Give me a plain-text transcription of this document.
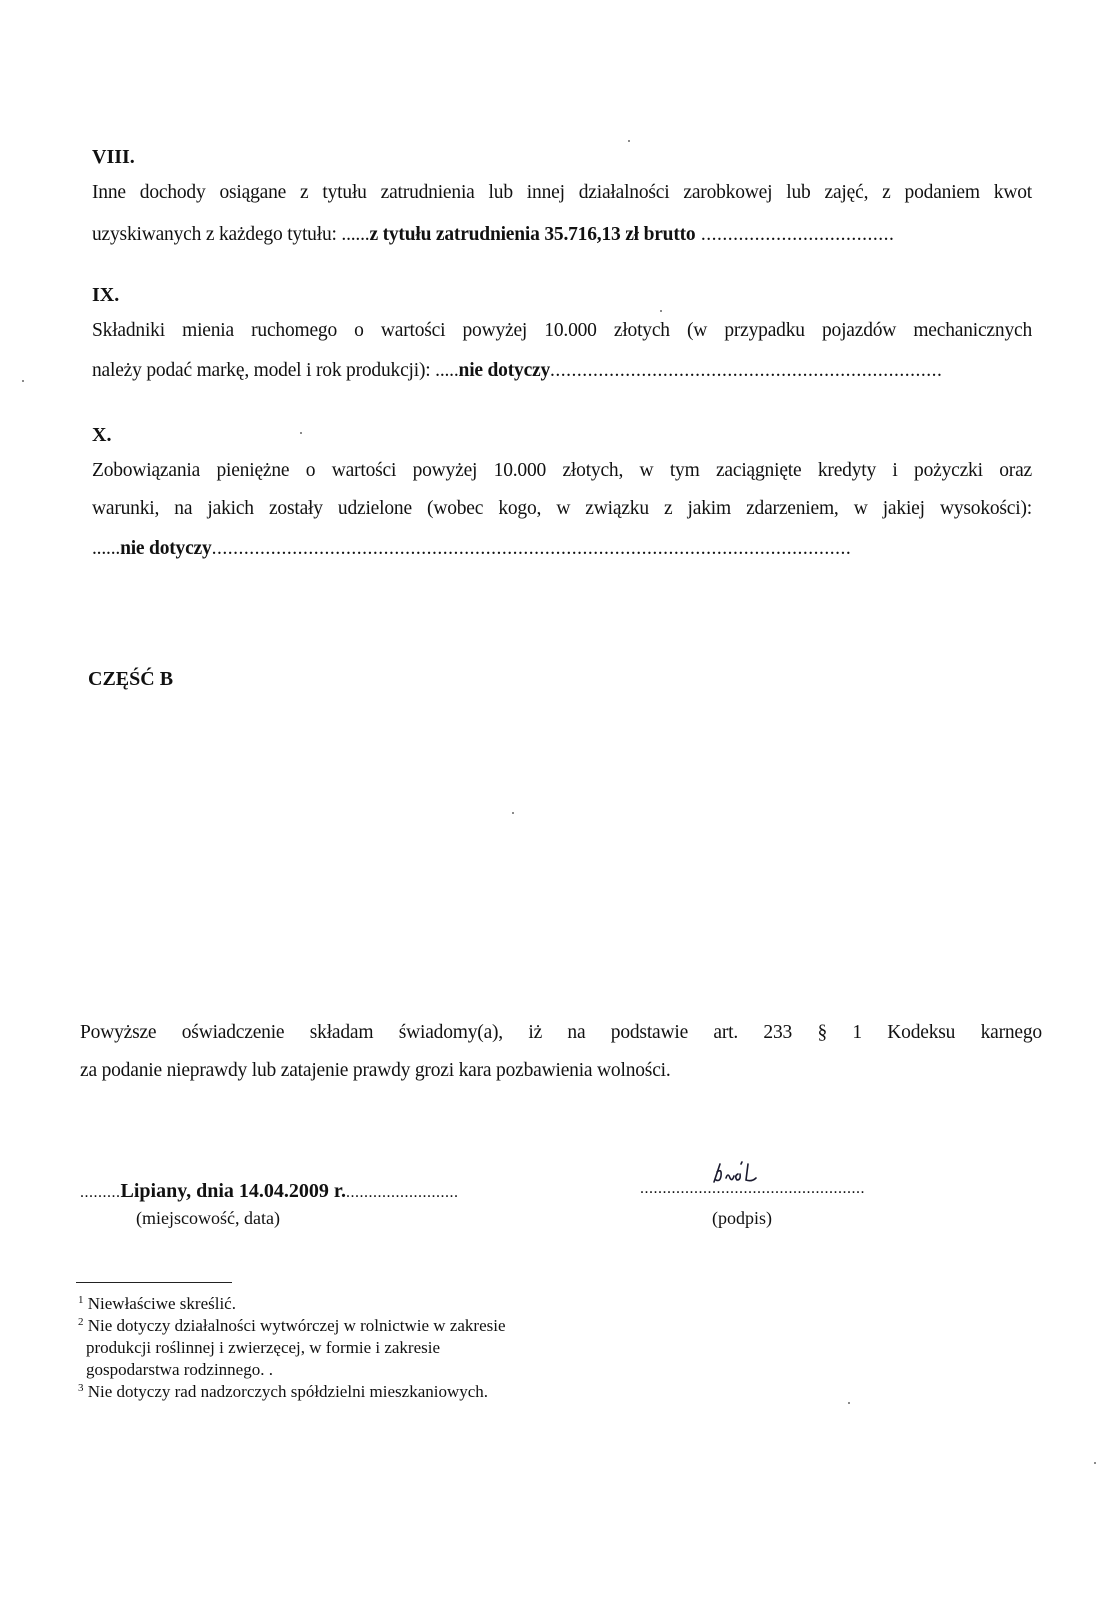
VIII.
Inne dochody osiągane z tytułu zatrudnienia lub innej działalności zarobkowej lub zajęć, z podaniem kwot
uzyskiwanych z każdego tytułu: ......z tytułu zatrudnienia 35.716,13 zł brutto ....................................
IX.
Składniki mienia ruchomego o wartości powyżej 10.000 złotych (w przypadku pojazdów mechanicznych
należy podać markę, model i rok produkcji): .....nie dotyczy.........................................................................
X.
Zobowiązania pieniężne o wartości powyżej 10.000 złotych, w tym zaciągnięte kredyty i pożyczki oraz
warunki, na jakich zostały udzielone (wobec kogo, w związku z jakim zdarzeniem, w jakiej wysokości):
......nie dotyczy.......................................................................................................................
CZĘŚĆ B
Powyższe oświadczenie składam świadomy(a), iż na podstawie art. 233 § 1 Kodeksu karnego
za podanie nieprawdy lub zatajenie prawdy grozi kara pozbawienia wolności.
.........Lipiany, dnia 14.04.2009 r..........................
(miejscowość, data)
..................................................
(podpis)
$^1$ Niewłaściwe skreślić.
$^2$ Nie dotyczy działalności wytwórczej w rolnictwie w zakresie
produkcji roślinnej i zwierzęcej, w formie i zakresie
gospodarstwa rodzinnego. .
$^3$ Nie dotyczy rad nadzorczych spółdzielni mieszkaniowych.
